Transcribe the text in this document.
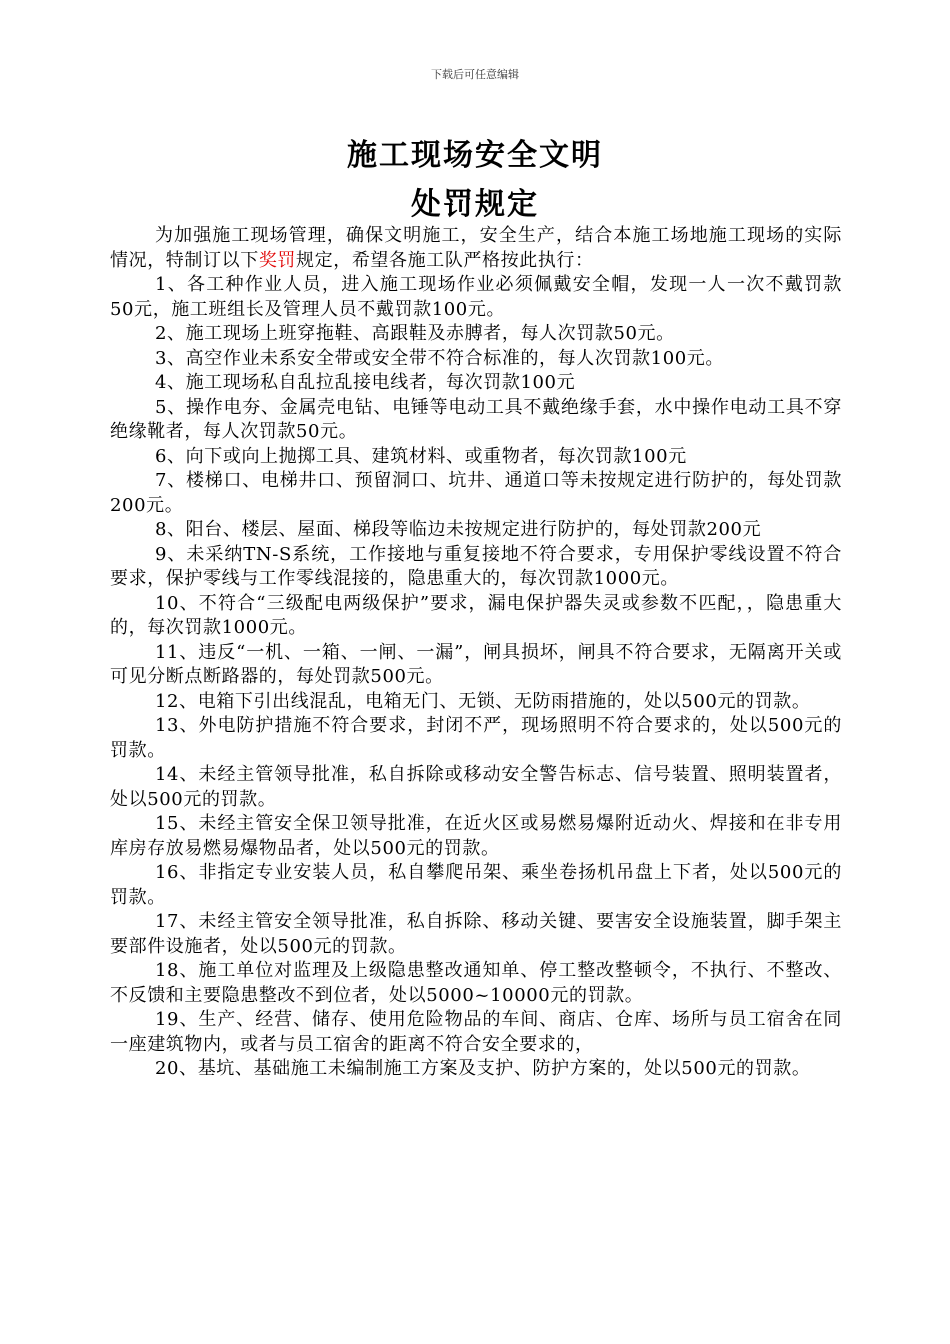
下载后可任意编辑
施工现场安全文明
处罚规定

为加强施工现场管理，确保文明施工，安全生产，结合本施工场地施工现场的实际情况，特制订以下奖罚规定，希望各施工队严格按此执行：

1、各工种作业人员，进入施工现场作业必须佩戴安全帽，发现一人一次不戴罚款50元，施工班组长及管理人员不戴罚款100元。

2、施工现场上班穿拖鞋、高跟鞋及赤膊者，每人次罚款50元。

3、高空作业未系安全带或安全带不符合标准的，每人次罚款100元。

4、施工现场私自乱拉乱接电线者，每次罚款100元

5、操作电夯、金属壳电钻、电锤等电动工具不戴绝缘手套，水中操作电动工具不穿绝缘靴者，每人次罚款50元。

6、向下或向上抛掷工具、建筑材料、或重物者，每次罚款100元

7、楼梯口、电梯井口、预留洞口、坑井、通道口等未按规定进行防护的，每处罚款200元。

8、阳台、楼层、屋面、梯段等临边未按规定进行防护的，每处罚款200元

9、未采纳TN-S系统，工作接地与重复接地不符合要求，专用保护零线设置不符合要求，保护零线与工作零线混接的，隐患重大的，每次罚款1000元。

10、不符合“三级配电两级保护”要求，漏电保护器失灵或参数不匹配，，隐患重大的，每次罚款1000元。

11、违反“一机、一箱、一闸、一漏”，闸具损坏，闸具不符合要求，无隔离开关或可见分断点断路器的，每处罚款500元。

12、电箱下引出线混乱，电箱无门、无锁、无防雨措施的，处以500元的罚款。

13、外电防护措施不符合要求，封闭不严，现场照明不符合要求的，处以500元的罚款。

14、未经主管领导批准，私自拆除或移动安全警告标志、信号装置、照明装置者，处以500元的罚款。

15、未经主管安全保卫领导批准，在近火区或易燃易爆附近动火、焊接和在非专用库房存放易燃易爆物品者，处以500元的罚款。

16、非指定专业安装人员，私自攀爬吊架、乘坐卷扬机吊盘上下者，处以500元的罚款。

17、未经主管安全领导批准，私自拆除、移动关键、要害安全设施装置，脚手架主要部件设施者，处以500元的罚款。

18、施工单位对监理及上级隐患整改通知单、停工整改整顿令，不执行、不整改、不反馈和主要隐患整改不到位者，处以5000~10000元的罚款。

19、生产、经营、储存、使用危险物品的车间、商店、仓库、场所与员工宿舍在同一座建筑物内，或者与员工宿舍的距离不符合安全要求的，

20、基坑、基础施工未编制施工方案及支护、防护方案的，处以500元的罚款。
